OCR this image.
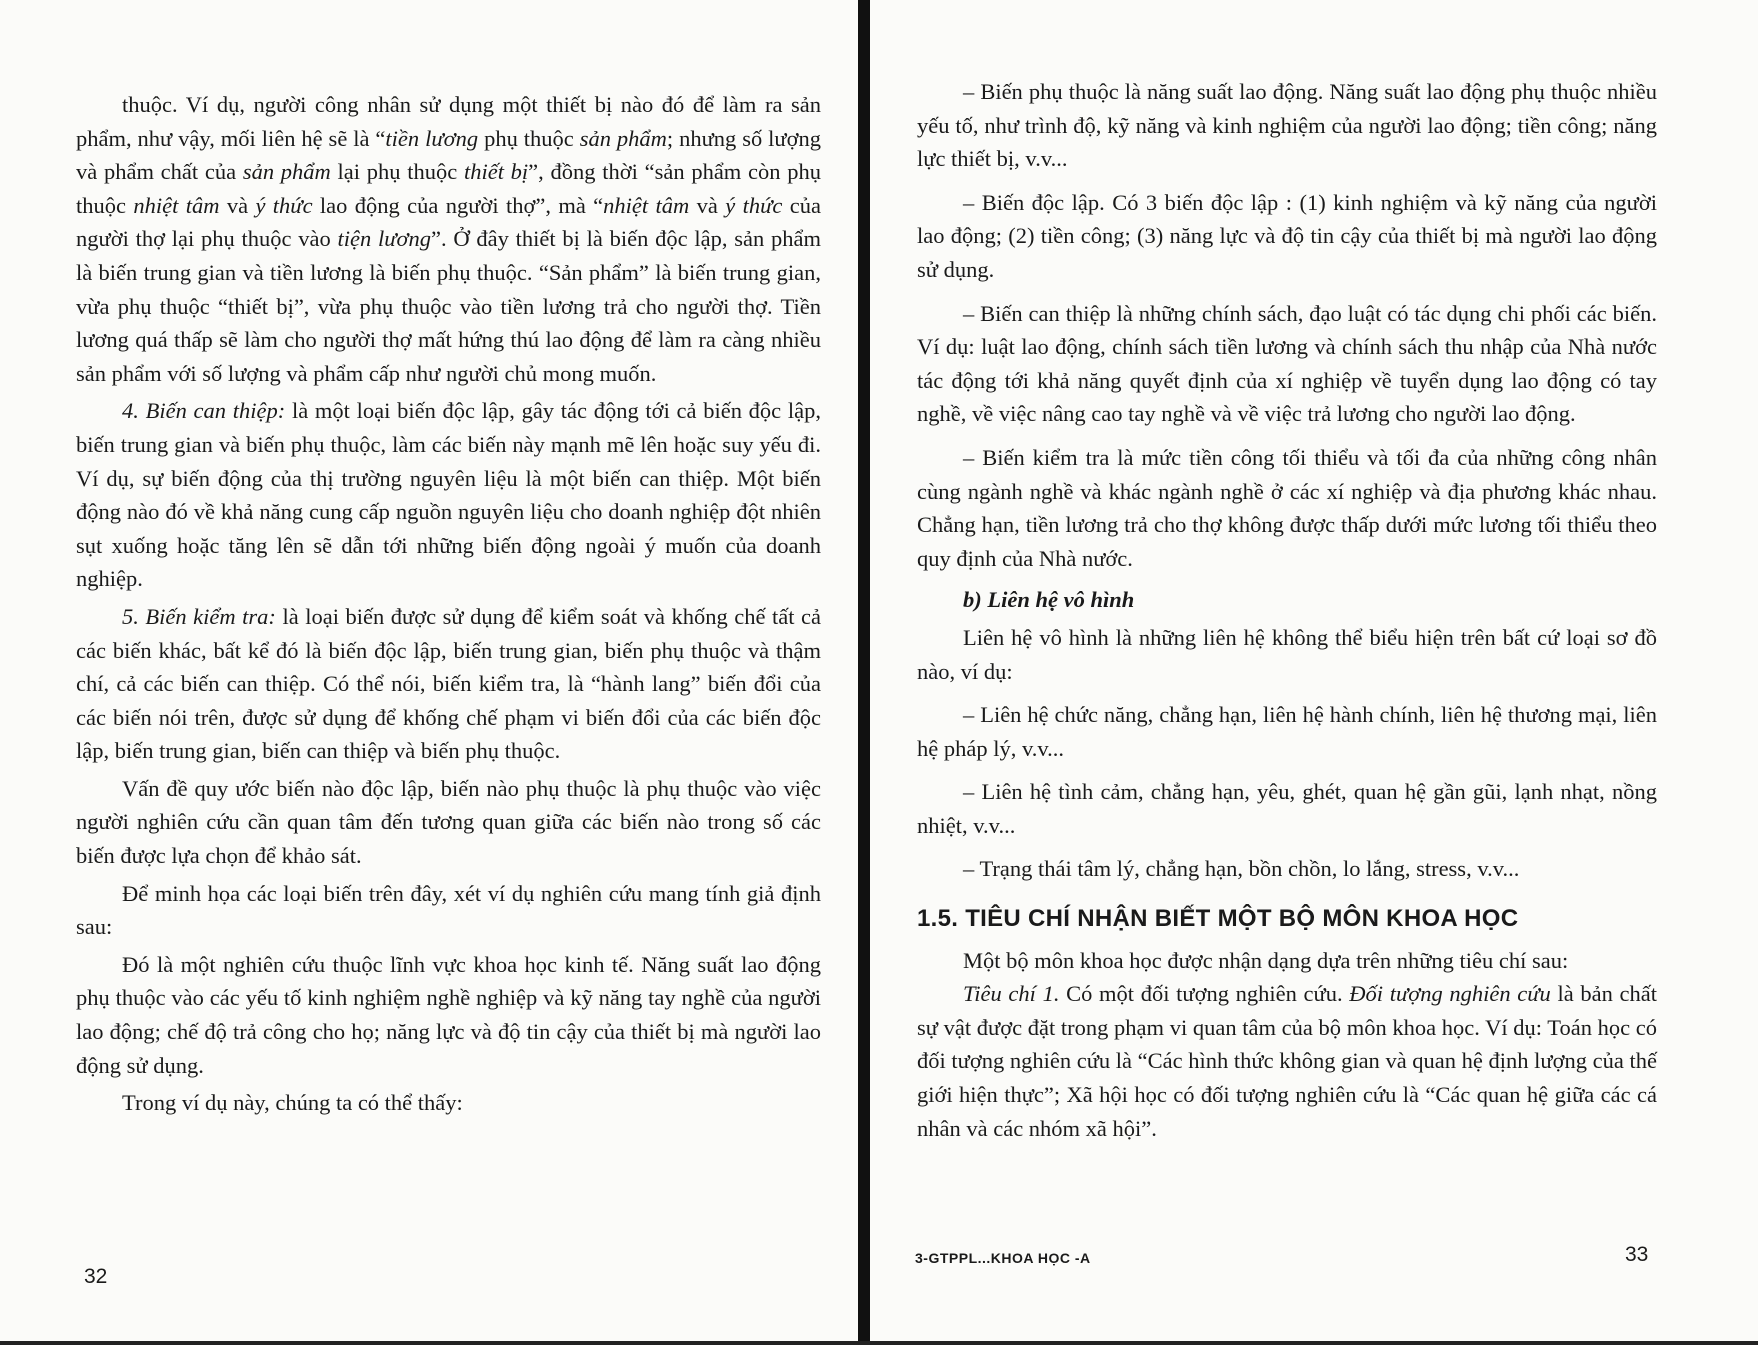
thuộc. Ví dụ, người công nhân sử dụng một thiết bị nào đó để làm ra sản phẩm, như vậy, mối liên hệ sẽ là “tiền lương phụ thuộc sản phẩm; nhưng số lượng và phẩm chất của sản phẩm lại phụ thuộc thiết bị”, đồng thời “sản phẩm còn phụ thuộc nhiệt tâm và ý thức lao động của người thợ”, mà “nhiệt tâm và ý thức của người thợ lại phụ thuộc vào tiện lương”. Ở đây thiết bị là biến độc lập, sản phẩm là biến trung gian và tiền lương là biến phụ thuộc. “Sản phẩm” là biến trung gian, vừa phụ thuộc “thiết bị”, vừa phụ thuộc vào tiền lương trả cho người thợ. Tiền lương quá thấp sẽ làm cho người thợ mất hứng thú lao động để làm ra càng nhiều sản phẩm với số lượng và phẩm cấp như người chủ mong muốn.

4. Biến can thiệp: là một loại biến độc lập, gây tác động tới cả biến độc lập, biến trung gian và biến phụ thuộc, làm các biến này mạnh mẽ lên hoặc suy yếu đi. Ví dụ, sự biến động của thị trường nguyên liệu là một biến can thiệp. Một biến động nào đó về khả năng cung cấp nguồn nguyên liệu cho doanh nghiệp đột nhiên sụt xuống hoặc tăng lên sẽ dẫn tới những biến động ngoài ý muốn của doanh nghiệp.

5. Biến kiểm tra: là loại biến được sử dụng để kiểm soát và khống chế tất cả các biến khác, bất kể đó là biến độc lập, biến trung gian, biến phụ thuộc và thậm chí, cả các biến can thiệp. Có thể nói, biến kiểm tra, là “hành lang” biến đổi của các biến nói trên, được sử dụng để khống chế phạm vi biến đổi của các biến độc lập, biến trung gian, biến can thiệp và biến phụ thuộc.

Vấn đề quy ước biến nào độc lập, biến nào phụ thuộc là phụ thuộc vào việc người nghiên cứu cần quan tâm đến tương quan giữa các biến nào trong số các biến được lựa chọn để khảo sát.

Để minh họa các loại biến trên đây, xét ví dụ nghiên cứu mang tính giả định sau:

Đó là một nghiên cứu thuộc lĩnh vực khoa học kinh tế. Năng suất lao động phụ thuộc vào các yếu tố kinh nghiệm nghề nghiệp và kỹ năng tay nghề của người lao động; chế độ trả công cho họ; năng lực và độ tin cậy của thiết bị mà người lao động sử dụng.

Trong ví dụ này, chúng ta có thể thấy:

32

– Biến phụ thuộc là năng suất lao động. Năng suất lao động phụ thuộc nhiều yếu tố, như trình độ, kỹ năng và kinh nghiệm của người lao động; tiền công; năng lực thiết bị, v.v...

– Biến độc lập. Có 3 biến độc lập : (1) kinh nghiệm và kỹ năng của người lao động; (2) tiền công; (3) năng lực và độ tin cậy của thiết bị mà người lao động sử dụng.

– Biến can thiệp là những chính sách, đạo luật có tác dụng chi phối các biến. Ví dụ: luật lao động, chính sách tiền lương và chính sách thu nhập của Nhà nước tác động tới khả năng quyết định của xí nghiệp về tuyển dụng lao động có tay nghề, về việc nâng cao tay nghề và về việc trả lương cho người lao động.

– Biến kiểm tra là mức tiền công tối thiểu và tối đa của những công nhân cùng ngành nghề và khác ngành nghề ở các xí nghiệp và địa phương khác nhau. Chẳng hạn, tiền lương trả cho thợ không được thấp dưới mức lương tối thiểu theo quy định của Nhà nước.

b) Liên hệ vô hình

Liên hệ vô hình là những liên hệ không thể biểu hiện trên bất cứ loại sơ đồ nào, ví dụ:

– Liên hệ chức năng, chẳng hạn, liên hệ hành chính, liên hệ thương mại, liên hệ pháp lý, v.v...

– Liên hệ tình cảm, chẳng hạn, yêu, ghét, quan hệ gần gũi, lạnh nhạt, nồng nhiệt, v.v...

– Trạng thái tâm lý, chẳng hạn, bồn chồn, lo lắng, stress, v.v...

1.5. TIÊU CHÍ NHẬN BIẾT MỘT BỘ MÔN KHOA HỌC

Một bộ môn khoa học được nhận dạng dựa trên những tiêu chí sau:

Tiêu chí 1. Có một đối tượng nghiên cứu. Đối tượng nghiên cứu là bản chất sự vật được đặt trong phạm vi quan tâm của bộ môn khoa học. Ví dụ: Toán học có đối tượng nghiên cứu là “Các hình thức không gian và quan hệ định lượng của thế giới hiện thực”; Xã hội học có đối tượng nghiên cứu là “Các quan hệ giữa các cá nhân và các nhóm xã hội”.

3-GTPPL...KHOA HỌC -A	33
